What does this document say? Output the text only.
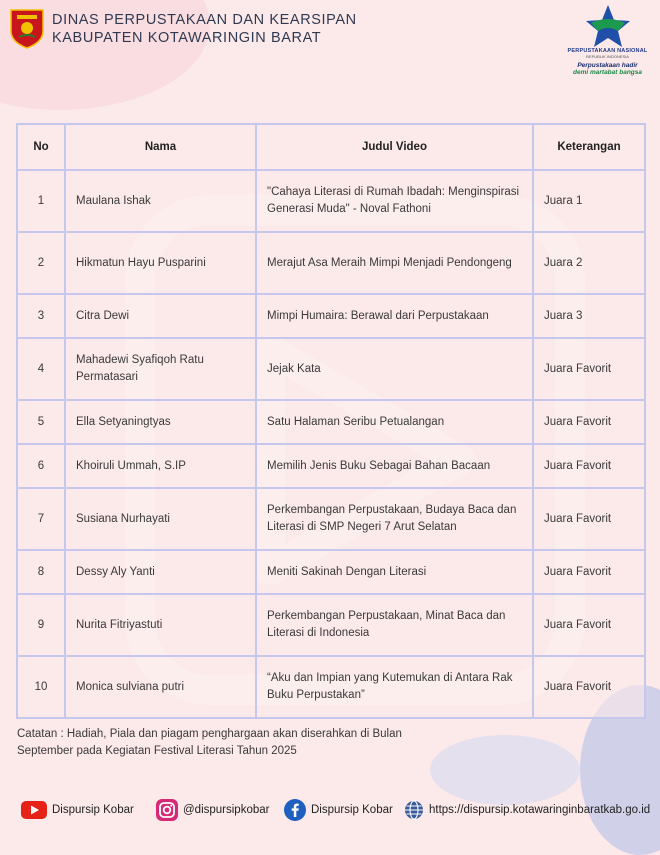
DINAS PERPUSTAKAAN DAN KEARSIPAN
KABUPATEN KOTAWARINGIN BARAT
PERPUSTAKAAN NASIONAL
REPUBLIK INDONESIA
Perpustakaan hadir
demi martabat bangsa
No	Nama	Judul Video	Keterangan
1	Maulana Ishak	"Cahaya Literasi di Rumah Ibadah: Menginspirasi Generasi Muda" - Noval Fathoni	Juara 1
2	Hikmatun Hayu Pusparini	Merajut Asa Meraih Mimpi Menjadi Pendongeng	Juara 2
3	Citra Dewi	Mimpi Humaira: Berawal dari Perpustakaan	Juara 3
4	Mahadewi Syafiqoh Ratu Permatasari	Jejak Kata	Juara Favorit
5	Ella Setyaningtyas	Satu Halaman Seribu Petualangan	Juara Favorit
6	Khoiruli Ummah, S.IP	Memilih Jenis Buku Sebagai Bahan Bacaan	Juara Favorit
7	Susiana Nurhayati	Perkembangan Perpustakaan, Budaya Baca dan Literasi di SMP Negeri 7 Arut Selatan	Juara Favorit
8	Dessy Aly Yanti	Meniti Sakinah Dengan Literasi	Juara Favorit
9	Nurita Fitriyastuti	Perkembangan Perpustakaan, Minat Baca dan Literasi di Indonesia	Juara Favorit
10	Monica sulviana putri	“Aku dan Impian yang Kutemukan di Antara Rak Buku Perpustakan”	Juara Favorit
Catatan : Hadiah, Piala dan piagam penghargaan akan diserahkan di Bulan
September pada Kegiatan Festival Literasi Tahun 2025
Dispursip Kobar	@dispursipkobar	Dispursip Kobar	https://dispursip.kotawaringinbaratkab.go.id
